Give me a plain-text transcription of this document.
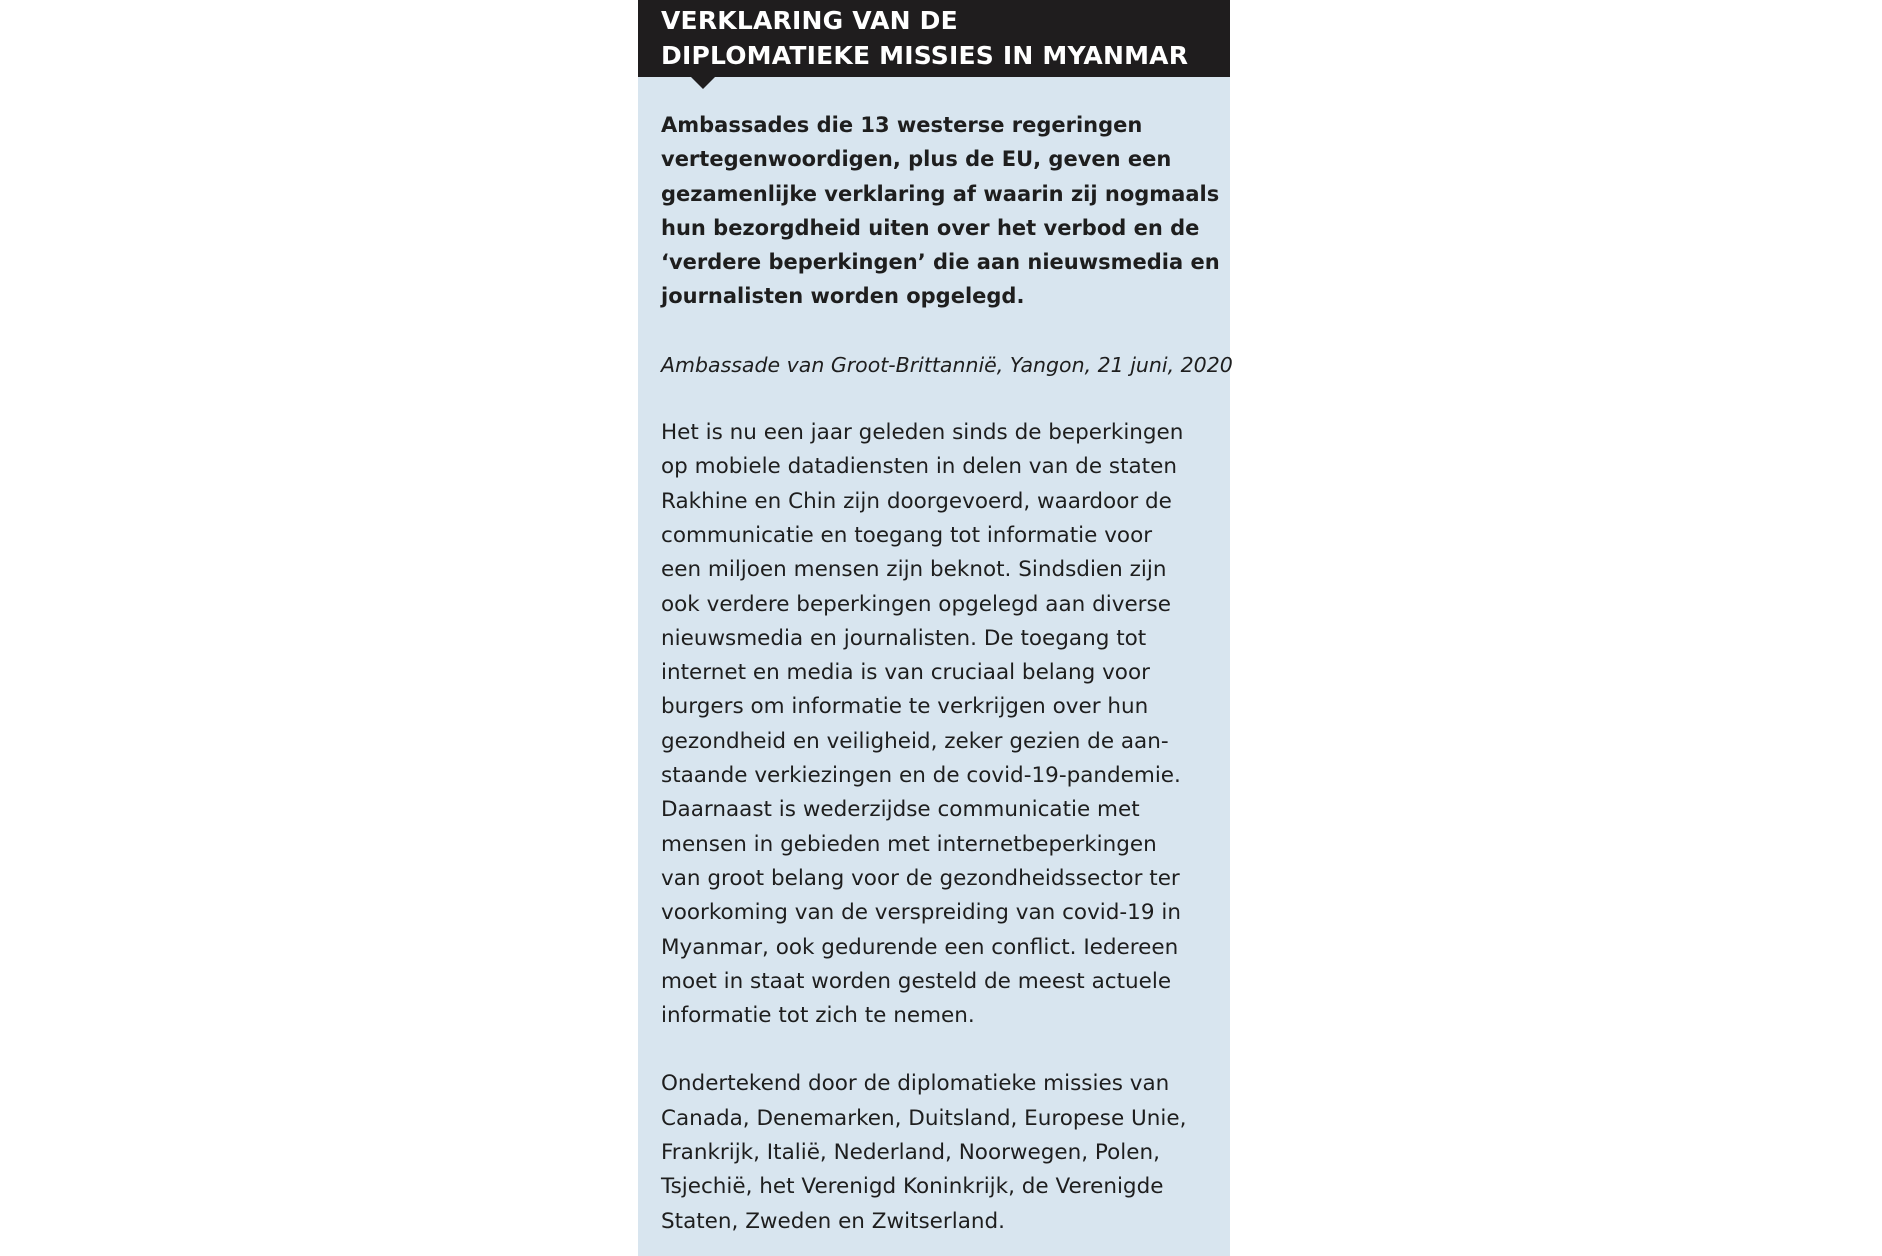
VERKLARING VAN DE
DIPLOMATIEKE MISSIES IN MYANMAR

Ambassades die 13 westerse regeringen
vertegenwoordigen, plus de EU, geven een
gezamenlijke verklaring af waarin zij nogmaals
hun bezorgdheid uiten over het verbod en de
‘verdere beperkingen’ die aan nieuwsmedia en
journalisten worden opgelegd.

Ambassade van Groot-Brittannië, Yangon, 21 juni, 2020

Het is nu een jaar geleden sinds de beperkingen
op mobiele datadiensten in delen van de staten
Rakhine en Chin zijn doorgevoerd, waardoor de
communicatie en toegang tot informatie voor
een miljoen mensen zijn beknot. Sindsdien zijn
ook verdere beperkingen opgelegd aan diverse
nieuwsmedia en journalisten. De toegang tot
internet en media is van cruciaal belang voor
burgers om informatie te verkrijgen over hun
gezondheid en veiligheid, zeker gezien de aan-
staande verkiezingen en de covid-19-pandemie.
Daarnaast is wederzijdse communicatie met
mensen in gebieden met internetbeperkingen
van groot belang voor de gezondheidssector ter
voorkoming van de verspreiding van covid-19 in
Myanmar, ook gedurende een conflict. Iedereen
moet in staat worden gesteld de meest actuele
informatie tot zich te nemen.

Ondertekend door de diplomatieke missies van
Canada, Denemarken, Duitsland, Europese Unie,
Frankrijk, Italië, Nederland, Noorwegen, Polen,
Tsjechië, het Verenigd Koninkrijk, de Verenigde
Staten, Zweden en Zwitserland.
